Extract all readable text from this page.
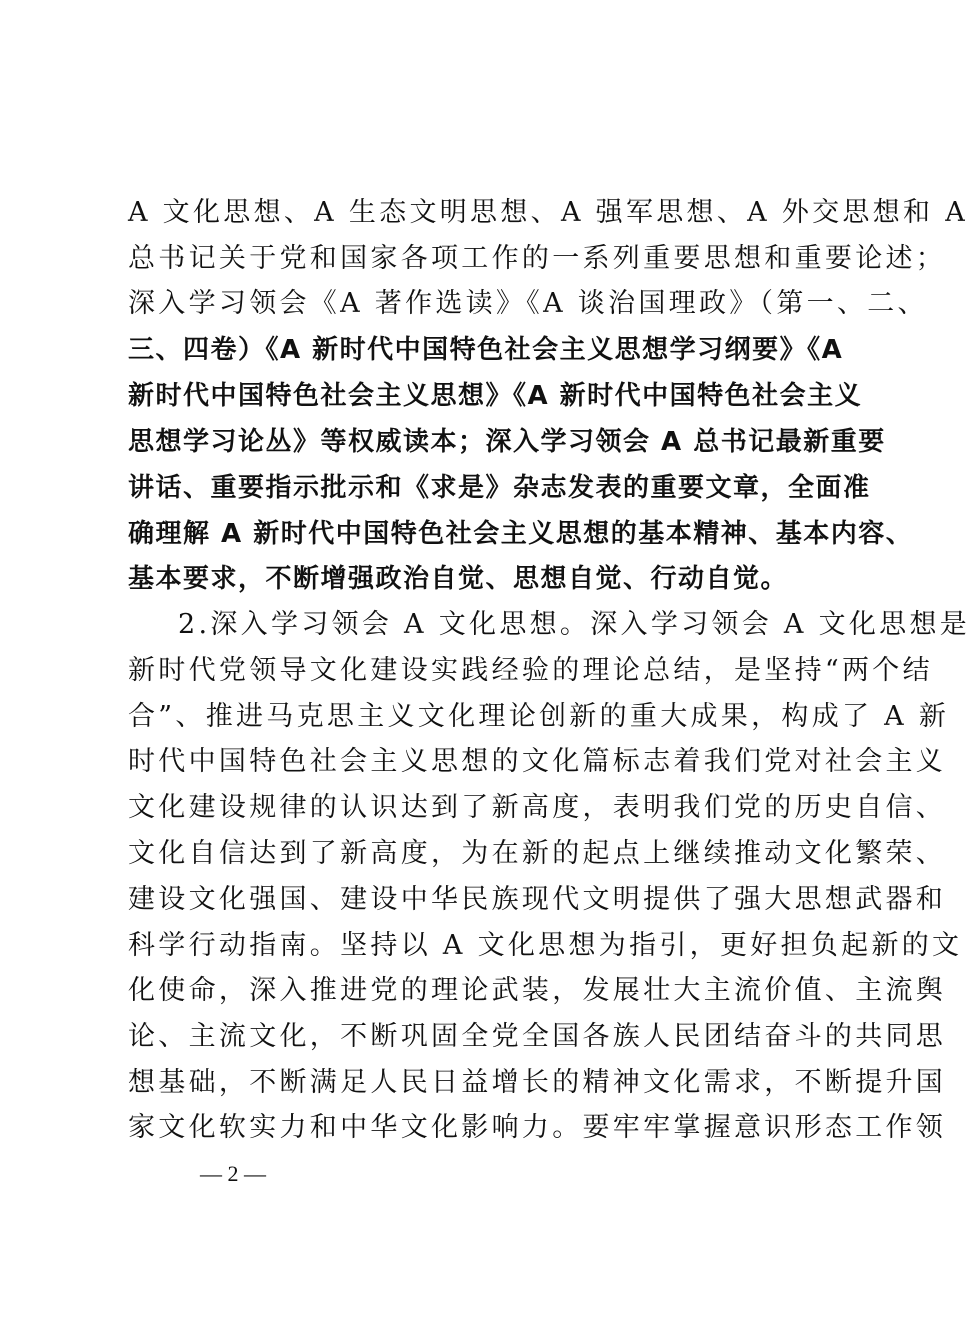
A 文化思想、A 生态文明思想、A 强军思想、A 外交思想和 A
总书记关于党和国家各项工作的一系列重要思想和重要论述；
深入学习领会《A 著作选读》《A 谈治国理政》（第一、二、
三、四卷）《A 新时代中国特色社会主义思想学习纲要》《A
新时代中国特色社会主义思想》《A 新时代中国特色社会主义
思想学习论丛》等权威读本；深入学习领会 A 总书记最新重要
讲话、重要指示批示和《求是》杂志发表的重要文章，全面准
确理解 A 新时代中国特色社会主义思想的基本精神、基本内容、
基本要求，不断增强政治自觉、思想自觉、行动自觉。
2.深入学习领会 A 文化思想。深入学习领会 A 文化思想是
新时代党领导文化建设实践经验的理论总结，是坚持“两个结
合”、推进马克思主义文化理论创新的重大成果，构成了 A 新
时代中国特色社会主义思想的文化篇标志着我们党对社会主义
文化建设规律的认识达到了新高度，表明我们党的历史自信、
文化自信达到了新高度，为在新的起点上继续推动文化繁荣、
建设文化强国、建设中华民族现代文明提供了强大思想武器和
科学行动指南。坚持以 A 文化思想为指引，更好担负起新的文
化使命，深入推进党的理论武装，发展壮大主流价值、主流舆
论、主流文化，不断巩固全党全国各族人民团结奋斗的共同思
想基础，不断满足人民日益增长的精神文化需求，不断提升国
家文化软实力和中华文化影响力。要牢牢掌握意识形态工作领
— 2 —
